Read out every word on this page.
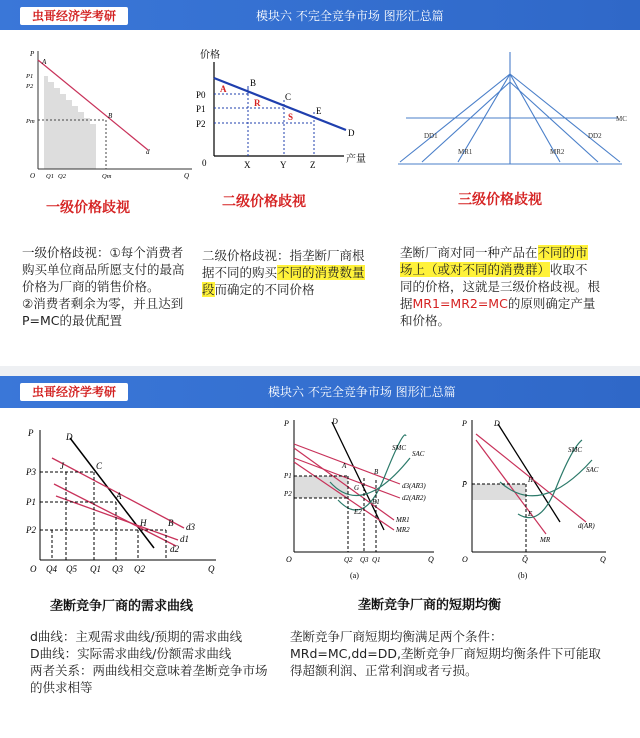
虫哥经济学考研	模块六 不完全竞争市场 图形汇总篇
P
A
P1
P2
Pm
B
d
O Q1 Q2	Qm	Q
一级价格歧视
价格
P0
P1
P2
A
B
R
C
S
E
D
0	X	Y	Z	产量
二级价格歧视
MC
DD1	DD2
MR1	MR2
三级价格歧视
一级价格歧视：①每个消费者购买单位商品所愿支付的最高价格为厂商的销售价格。
②消费者剩余为零，并且达到P=MC的最优配置
二级价格歧视：指垄断厂商根据不同的购买不同的消费数量段而确定的不同价格
垄断厂商对同一种产品在不同的市场上（或对不同的消费群）收取不同的价格，这就是三级价格歧视。根据MR1=MR2=MC的原则确定产量和价格。
虫哥经济学考研	模块六 不完全竞争市场 图形汇总篇
P	D
P3
J	C
A
P1
P2
H B d3
d1
d2
O Q4 Q5 Q1 Q3 Q2	Q
垄断竞争厂商的需求曲线
P	D
SMC
SAC
P1
P2
A
B
G
E1
E2
d3(AR3)
d2(AR2)
MR1
MR2
O	Q2 Q3 Q1	Q
(a)
P	D
SMC
SAC
H
P̄
E
d(AR)
MR
O	Q̄	Q
(b)
垄断竞争厂商的短期均衡
d曲线：主观需求曲线/预期的需求曲线
D曲线：实际需求曲线/份额需求曲线
两者关系：两曲线相交意味着垄断竞争市场的供求相等
垄断竞争厂商短期均衡满足两个条件：
MRd=MC,dd=DD,垄断竞争厂商短期均衡条件下可能取得超额利润、正常利润或者亏损。
